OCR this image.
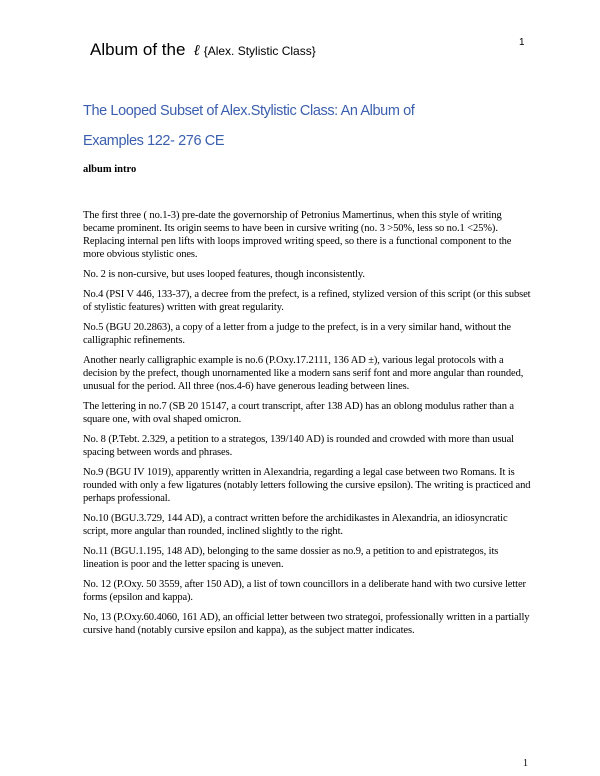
Album of the ℓ {Alex. Stylistic Class}
1
The Looped Subset of Alex.Stylistic Class: An Album of
Examples 122- 276 CE
album intro

The first three ( no.1-3) pre-date the governorship of Petronius Mamertinus, when this style of writing became prominent. Its origin seems to have been in cursive writing (no. 3 >50%, less so no.1 <25%). Replacing internal pen lifts with loops improved writing speed, so there is a functional component to the more obvious stylistic ones.

No. 2 is non-cursive, but uses looped features, though inconsistently.

No.4 (PSI V 446, 133-37), a decree from the prefect, is a refined, stylized version of this script (or this subset of stylistic features) written with great regularity.

No.5 (BGU 20.2863), a copy of a letter from a judge to the prefect, is in a very similar hand, without the calligraphic refinements.

Another nearly calligraphic example is no.6 (P.Oxy.17.2111, 136 AD ±), various legal protocols with a decision by the prefect, though unornamented like a modern sans serif font and more angular than rounded, unusual for the period. All three (nos.4-6) have generous leading between lines.

The lettering in no.7 (SB 20 15147, a court transcript, after 138 AD) has an oblong modulus rather than a square one, with oval shaped omicron.

No. 8 (P.Tebt. 2.329, a petition to a strategos, 139/140 AD) is rounded and crowded with more than usual spacing between words and phrases.

No.9 (BGU IV 1019), apparently written in Alexandria, regarding a legal case between two Romans. It is rounded with only a few ligatures (notably letters following the cursive epsilon). The writing is practiced and perhaps professional.

No.10 (BGU.3.729, 144 AD), a contract written before the archidikastes in Alexandria, an idiosyncratic script, more angular than rounded, inclined slightly to the right.

No.11 (BGU.1.195, 148 AD), belonging to the same dossier as no.9, a petition to and epistrategos, its lineation is poor and the letter spacing is uneven.

No. 12 (P.Oxy. 50 3559, after 150 AD), a list of town councillors in a deliberate hand with two cursive letter forms (epsilon and kappa).

No, 13 (P.Oxy.60.4060, 161 AD), an official letter between two strategoi, professionally written in a partially cursive hand (notably cursive epsilon and kappa), as the subject matter indicates.

1
